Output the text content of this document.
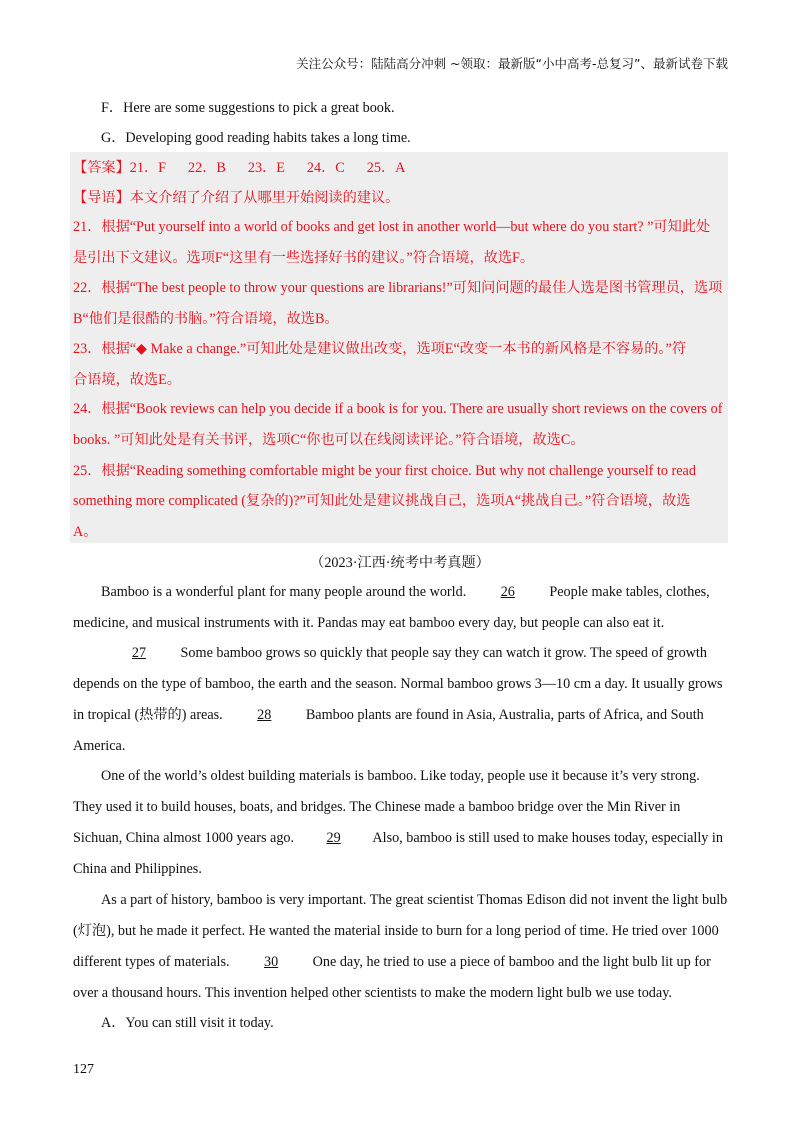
关注公众号：陆陆高分冲刺 ~领取：最新版“小中高考-总复习”、最新试卷下载
F．Here are some suggestions to pick a great book.
G．Developing good reading habits takes a long time.
【答案】21．F 22．B 23．E 24．C 25．A
【导语】本文介绍了介绍了从哪里开始阅读的建议。
21．根据“Put yourself into a world of books and get lost in another world—but where do you start? ”可知此处
是引出下文建议。选项F“这里有一些选择好书的建议。”符合语境，故选F。
22．根据“The best people to throw your questions are librarians!”可知问问题的最佳人选是图书管理员，选项
B“他们是很酷的书脑。”符合语境，故选B。
23．根据“◆ Make a change.”可知此处是建议做出改变，选项E“改变一本书的新风格是不容易的。”符
合语境，故选E。
24．根据“Book reviews can help you decide if a book is for you. There are usually short reviews on the covers of
books. ”可知此处是有关书评，选项C“你也可以在线阅读评论。”符合语境，故选C。
25．根据“Reading something comfortable might be your first choice. But why not challenge yourself to read
something more complicated (复杂的)?”可知此处是建议挑战自己，选项A“挑战自己。”符合语境，故选
A。
（2023·江西·统考中考真题）
Bamboo is a wonderful plant for many people around the world. 26 People make tables, clothes,
medicine, and musical instruments with it. Pandas may eat bamboo every day, but people can also eat it.
27 Some bamboo grows so quickly that people say they can watch it grow. The speed of growth
depends on the type of bamboo, the earth and the season. Normal bamboo grows 3—10 cm a day. It usually grows
in tropical (热带的) areas. 28 Bamboo plants are found in Asia, Australia, parts of Africa, and South
America.
One of the world’s oldest building materials is bamboo. Like today, people use it because it’s very strong.
They used it to build houses, boats, and bridges. The Chinese made a bamboo bridge over the Min River in
Sichuan, China almost 1000 years ago. 29 Also, bamboo is still used to make houses today, especially in
China and Philippines.
As a part of history, bamboo is very important. The great scientist Thomas Edison did not invent the light bulb
(灯泡), but he made it perfect. He wanted the material inside to burn for a long period of time. He tried over 1000
different types of materials. 30 One day, he tried to use a piece of bamboo and the light bulb lit up for
over a thousand hours. This invention helped other scientists to make the modern light bulb we use today.
A．You can still visit it today.
127
